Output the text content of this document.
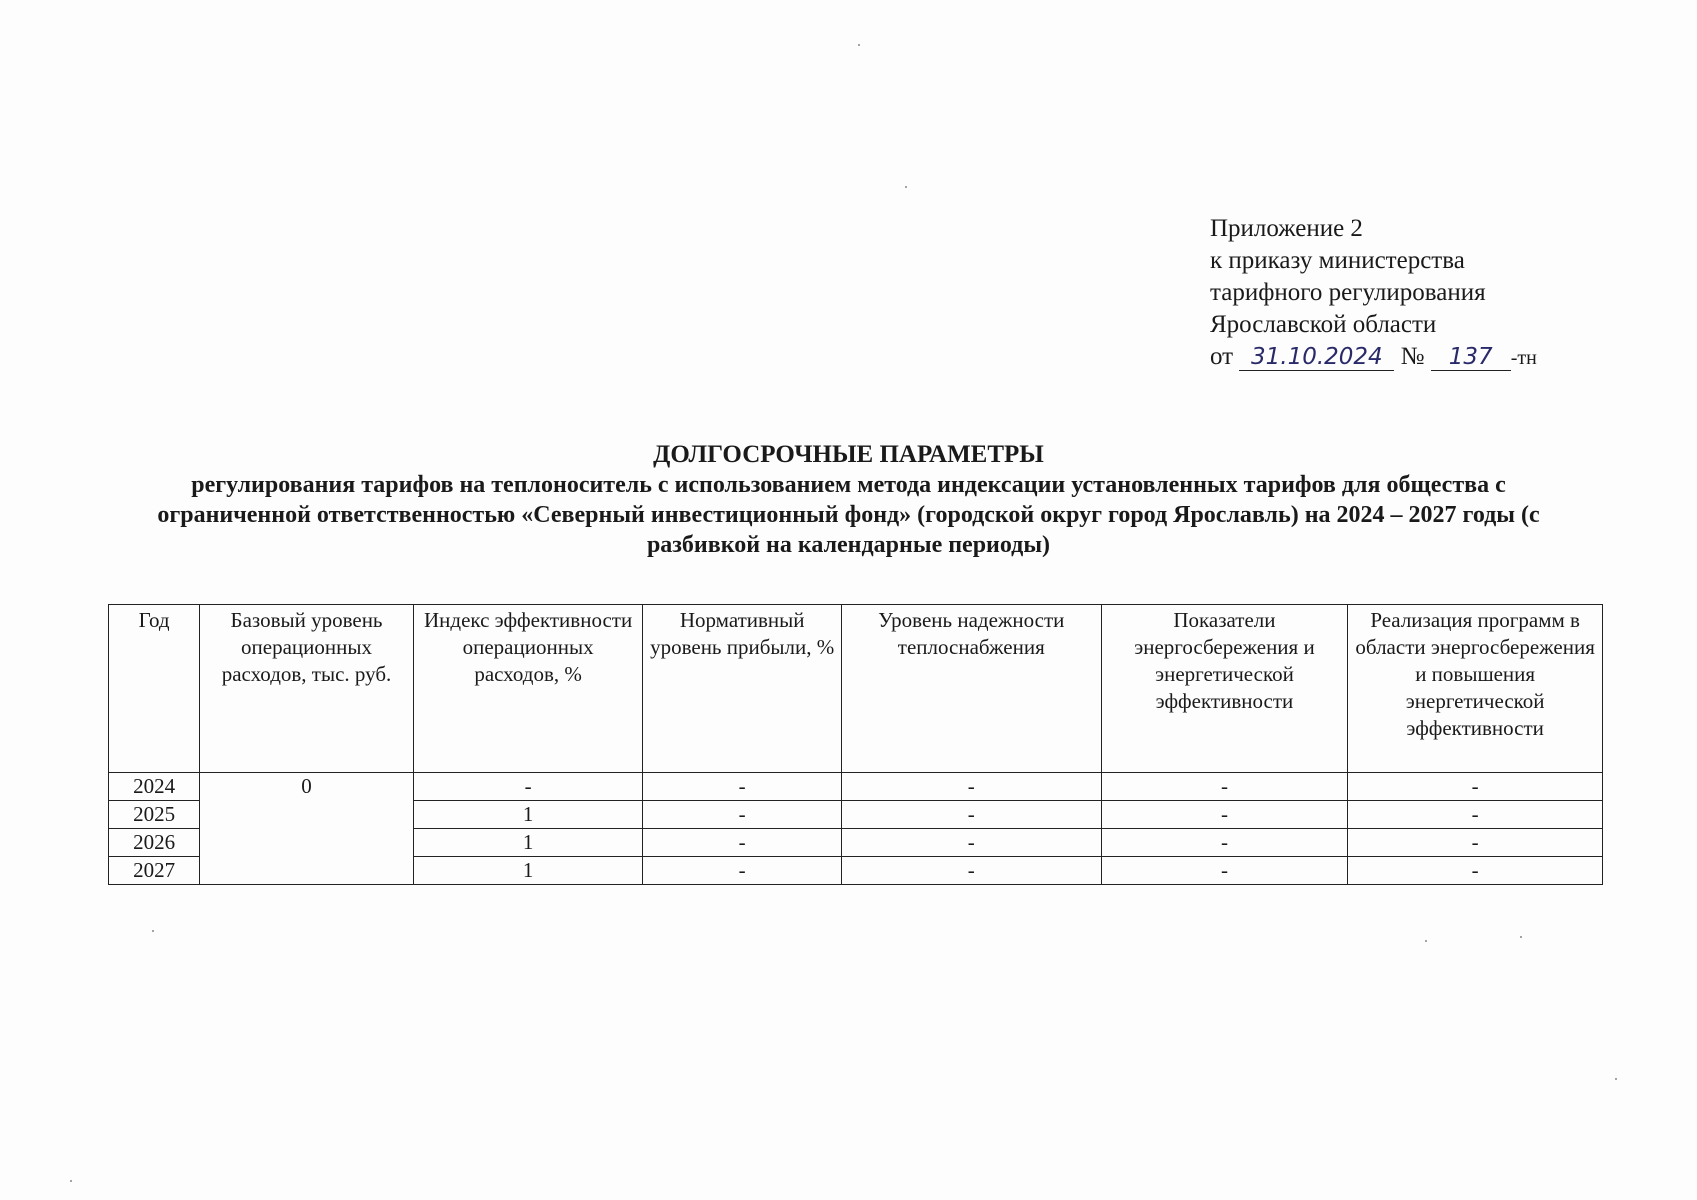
Приложение 2
к приказу министерства
тарифного регулирования
Ярославской области
от 31.10.2024 № 137 -тн
ДОЛГОСРОЧНЫЕ ПАРАМЕТРЫ
регулирования тарифов на теплоноситель с использованием метода индексации установленных тарифов для общества с ограниченной ответственностью «Северный инвестиционный фонд» (городской округ город Ярославль) на 2024 – 2027 годы (с разбивкой на календарные периоды)
Год	Базовый уровень операционных расходов, тыс. руб.	Индекс эффективности операционных расходов, %	Нормативный уровень прибыли, %	Уровень надежности теплоснабжения	Показатели энергосбережения и энергетической эффективности	Реализация программ в области энергосбережения и повышения энергетической эффективности
2024	0	-	-	-	-	-
2025		1	-	-	-	-
2026		1	-	-	-	-
2027		1	-	-	-	-
